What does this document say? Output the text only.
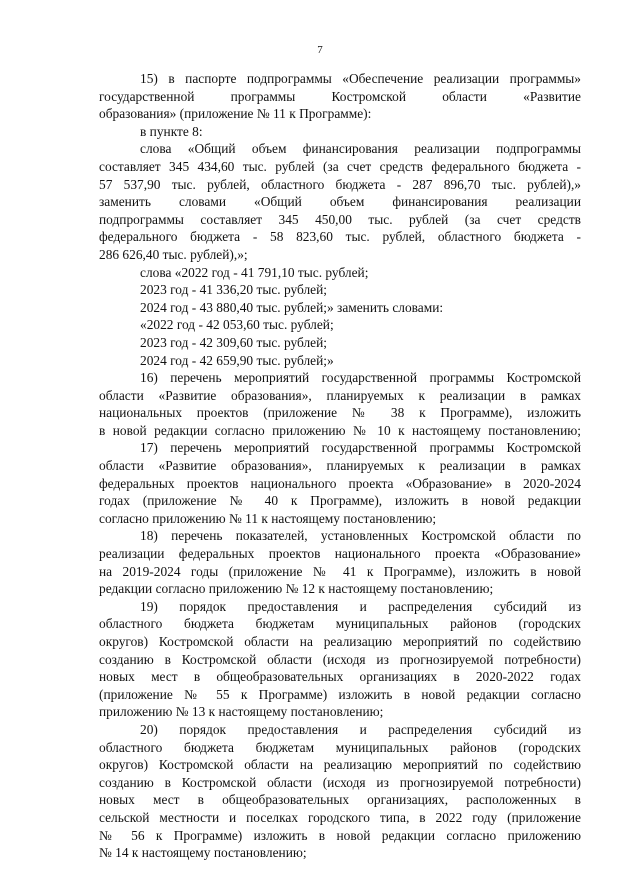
7
15) в паспорте подпрограммы «Обеспечение реализации программы»
государственной программы Костромской области «Развитие
образования» (приложение № 11 к Программе):
в пункте 8:
слова «Общий объем финансирования реализации подпрограммы
составляет 345 434,60 тыс. рублей (за счет средств федерального бюджета -
57 537,90 тыс. рублей, областного бюджета - 287 896,70 тыс. рублей),»
заменить словами «Общий объем финансирования реализации
подпрограммы составляет 345 450,00 тыс. рублей (за счет средств
федерального бюджета - 58 823,60 тыс. рублей, областного бюджета -
286 626,40 тыс. рублей),»;
слова «2022 год - 41 791,10 тыс. рублей;
2023 год - 41 336,20 тыс. рублей;
2024 год - 43 880,40 тыс. рублей;» заменить словами:
«2022 год - 42 053,60 тыс. рублей;
2023 год - 42 309,60 тыс. рублей;
2024 год - 42 659,90 тыс. рублей;»
16) перечень мероприятий государственной программы Костромской
области «Развитие образования», планируемых к реализации в рамках
национальных проектов (приложение № 38 к Программе), изложить
в новой редакции согласно приложению № 10 к настоящему постановлению;
17) перечень мероприятий государственной программы Костромской
области «Развитие образования», планируемых к реализации в рамках
федеральных проектов национального проекта «Образование» в 2020-2024
годах (приложение № 40 к Программе), изложить в новой редакции
согласно приложению № 11 к настоящему постановлению;
18) перечень показателей, установленных Костромской области по
реализации федеральных проектов национального проекта «Образование»
на 2019-2024 годы (приложение № 41 к Программе), изложить в новой
редакции согласно приложению № 12 к настоящему постановлению;
19) порядок предоставления и распределения субсидий из
областного бюджета бюджетам муниципальных районов (городских
округов) Костромской области на реализацию мероприятий по содействию
созданию в Костромской области (исходя из прогнозируемой потребности)
новых мест в общеобразовательных организациях в 2020-2022 годах
(приложение № 55 к Программе) изложить в новой редакции согласно
приложению № 13 к настоящему постановлению;
20) порядок предоставления и распределения субсидий из
областного бюджета бюджетам муниципальных районов (городских
округов) Костромской области на реализацию мероприятий по содействию
созданию в Костромской области (исходя из прогнозируемой потребности)
новых мест в общеобразовательных организациях, расположенных в
сельской местности и поселках городского типа, в 2022 году (приложение
№ 56 к Программе) изложить в новой редакции согласно приложению
№ 14 к настоящему постановлению;
